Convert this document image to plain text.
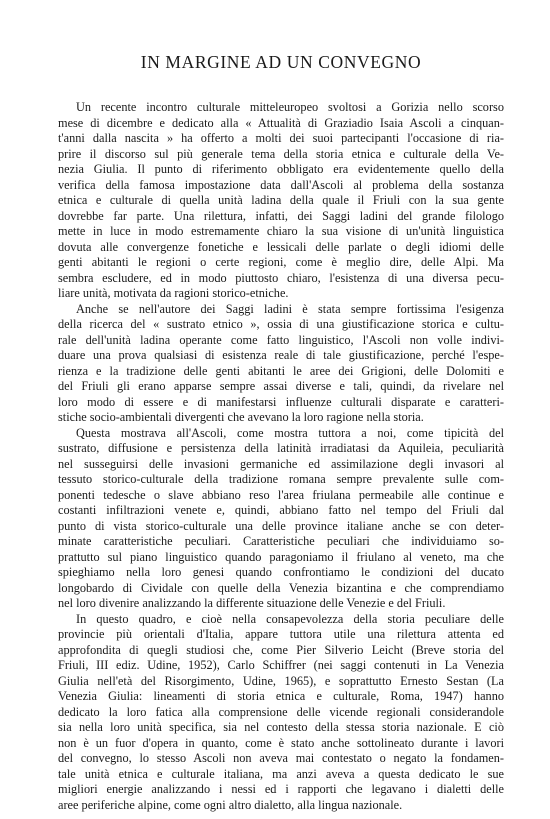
IN MARGINE AD UN CONVEGNO
Un recente incontro culturale mitteleuropeo svoltosi a Gorizia nello scorso
mese di dicembre e dedicato alla « Attualità di Graziadio Isaia Ascoli a cinquan-
t'anni dalla nascita » ha offerto a molti dei suoi partecipanti l'occasione di ria-
prire il discorso sul più generale tema della storia etnica e culturale della Ve-
nezia Giulia. Il punto di riferimento obbligato era evidentemente quello della
verifica della famosa impostazione data dall'Ascoli al problema della sostanza
etnica e culturale di quella unità ladina della quale il Friuli con la sua gente
dovrebbe far parte. Una rilettura, infatti, dei Saggi ladini del grande filologo
mette in luce in modo estremamente chiaro la sua visione di un'unità linguistica
dovuta alle convergenze fonetiche e lessicali delle parlate o degli idiomi delle
genti abitanti le regioni o certe regioni, come è meglio dire, delle Alpi. Ma
sembra escludere, ed in modo piuttosto chiaro, l'esistenza di una diversa pecu-
liare unità, motivata da ragioni storico-etniche.
Anche se nell'autore dei Saggi ladini è stata sempre fortissima l'esigenza
della ricerca del « sustrato etnico », ossia di una giustificazione storica e cultu-
rale dell'unità ladina operante come fatto linguistico, l'Ascoli non volle indivi-
duare una prova qualsiasi di esistenza reale di tale giustificazione, perché l'espe-
rienza e la tradizione delle genti abitanti le aree dei Grigioni, delle Dolomiti e
del Friuli gli erano apparse sempre assai diverse e tali, quindi, da rivelare nel
loro modo di essere e di manifestarsi influenze culturali disparate e caratteri-
stiche socio-ambientali divergenti che avevano la loro ragione nella storia.
Questa mostrava all'Ascoli, come mostra tuttora a noi, come tipicità del
sustrato, diffusione e persistenza della latinità irradiatasi da Aquileia, peculiarità
nel susseguirsi delle invasioni germaniche ed assimilazione degli invasori al
tessuto storico-culturale della tradizione romana sempre prevalente sulle com-
ponenti tedesche o slave abbiano reso l'area friulana permeabile alle continue e
costanti infiltrazioni venete e, quindi, abbiano fatto nel tempo del Friuli dal
punto di vista storico-culturale una delle province italiane anche se con deter-
minate caratteristiche peculiari. Caratteristiche peculiari che individuiamo so-
prattutto sul piano linguistico quando paragoniamo il friulano al veneto, ma che
spieghiamo nella loro genesi quando confrontiamo le condizioni del ducato
longobardo di Cividale con quelle della Venezia bizantina e che comprendiamo
nel loro divenire analizzando la differente situazione delle Venezie e del Friuli.
In questo quadro, e cioè nella consapevolezza della storia peculiare delle
provincie più orientali d'Italia, appare tuttora utile una rilettura attenta ed
approfondita di quegli studiosi che, come Pier Silverio Leicht (Breve storia del
Friuli, III ediz. Udine, 1952), Carlo Schiffrer (nei saggi contenuti in La Venezia
Giulia nell'età del Risorgimento, Udine, 1965), e soprattutto Ernesto Sestan (La
Venezia Giulia: lineamenti di storia etnica e culturale, Roma, 1947) hanno
dedicato la loro fatica alla comprensione delle vicende regionali considerandole
sia nella loro unità specifica, sia nel contesto della stessa storia nazionale. E ciò
non è un fuor d'opera in quanto, come è stato anche sottolineato durante i lavori
del convegno, lo stesso Ascoli non aveva mai contestato o negato la fondamen-
tale unità etnica e culturale italiana, ma anzi aveva a questa dedicato le sue
migliori energie analizzando i nessi ed i rapporti che legavano i dialetti delle
aree periferiche alpine, come ogni altro dialetto, alla lingua nazionale.
